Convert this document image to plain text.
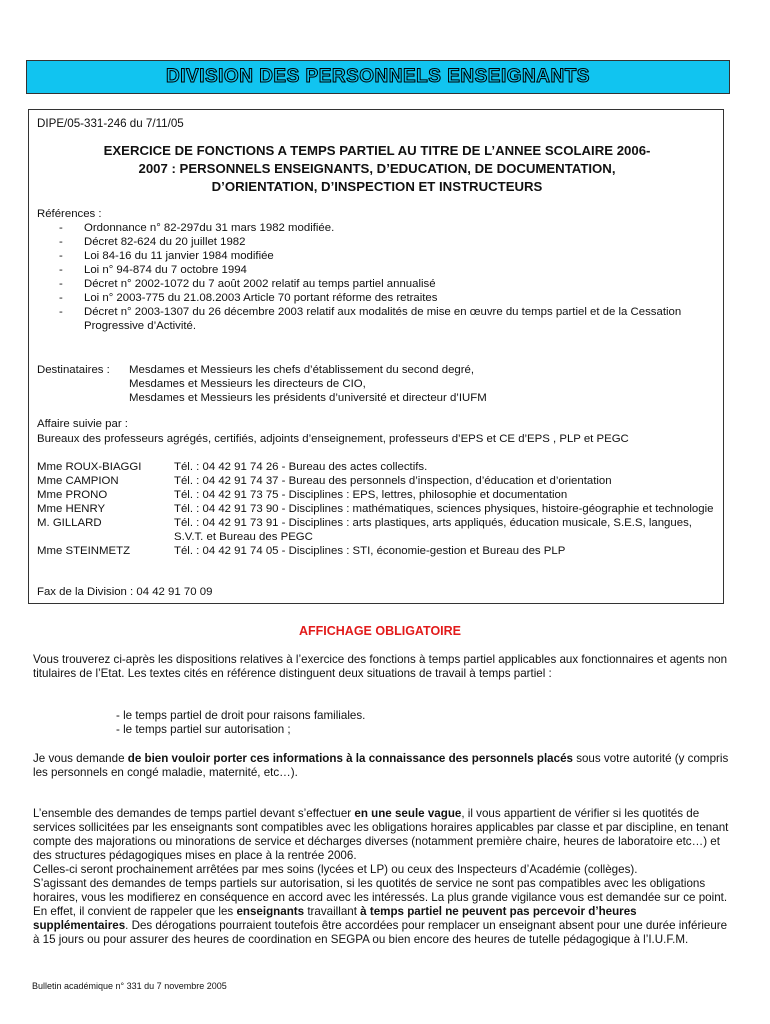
DIVISION DES PERSONNELS ENSEIGNANTS
DIPE/05-331-246 du 7/11/05
EXERCICE DE FONCTIONS A TEMPS PARTIEL AU TITRE DE L’ANNEE SCOLAIRE 2006-
2007 : PERSONNELS ENSEIGNANTS, D’EDUCATION, DE DOCUMENTATION,
D’ORIENTATION, D’INSPECTION ET INSTRUCTEURS
Références :
-	Ordonnance n° 82-297du 31 mars 1982 modifiée.
-	Décret 82-624 du 20 juillet 1982
-	Loi 84-16 du 11 janvier 1984 modifiée
-	Loi n° 94-874 du 7 octobre 1994
-	Décret n° 2002-1072 du 7 août 2002 relatif au temps partiel annualisé
-	Loi n° 2003-775 du 21.08.2003 Article 70 portant réforme des retraites
-	Décret n° 2003-1307 du 26 décembre 2003 relatif aux modalités de mise en œuvre du temps partiel et de la Cessation Progressive d’Activité.
Destinataires : Mesdames et Messieurs les chefs d’établissement du second degré,
Mesdames et Messieurs les directeurs de CIO,
Mesdames et Messieurs les présidents d’université et directeur d’IUFM
Affaire suivie par :
Bureaux des professeurs agrégés, certifiés, adjoints d’enseignement, professeurs d’EPS et CE d’EPS , PLP et PEGC
Mme ROUX-BIAGGI	Tél. : 04 42 91 74 26 - Bureau des actes collectifs.
Mme CAMPION	Tél. : 04 42 91 74 37 - Bureau des personnels d’inspection, d’éducation et d’orientation
Mme PRONO	Tél. : 04 42 91 73 75 - Disciplines : EPS, lettres, philosophie et documentation
Mme HENRY	Tél. : 04 42 91 73 90 - Disciplines : mathématiques, sciences physiques, histoire-géographie et technologie
M. GILLARD	Tél. : 04 42 91 73 91 - Disciplines : arts plastiques, arts appliqués, éducation musicale, S.E.S, langues, S.V.T. et Bureau des PEGC
Mme STEINMETZ	Tél. : 04 42 91 74 05 - Disciplines : STI, économie-gestion et Bureau des PLP
Fax de la Division : 04 42 91 70 09
AFFICHAGE OBLIGATOIRE
Vous trouverez ci-après les dispositions relatives à l’exercice des fonctions à temps partiel applicables aux fonctionnaires et agents non titulaires de l’Etat. Les textes cités en référence distinguent deux situations de travail à temps partiel :
- le temps partiel de droit pour raisons familiales.
- le temps partiel sur autorisation ;
Je vous demande de bien vouloir porter ces informations à la connaissance des personnels placés sous votre autorité (y compris les personnels en congé maladie, maternité, etc…).
L’ensemble des demandes de temps partiel devant s’effectuer en une seule vague, il vous appartient de vérifier si les quotités de services sollicitées par les enseignants sont compatibles avec les obligations horaires applicables par classe et par discipline, en tenant compte des majorations ou minorations de service et décharges diverses (notamment première chaire, heures de laboratoire etc…) et des structures pédagogiques mises en place à la rentrée 2006.
Celles-ci seront prochainement arrêtées par mes soins (lycées et LP) ou ceux des Inspecteurs d’Académie (collèges).
S’agissant des demandes de temps partiels sur autorisation, si les quotités de service ne sont pas compatibles avec les obligations horaires, vous les modifierez en conséquence en accord avec les intéressés. La plus grande vigilance vous est demandée sur ce point. En effet, il convient de rappeler que les enseignants travaillant à temps partiel ne peuvent pas percevoir d’heures supplémentaires. Des dérogations pourraient toutefois être accordées pour remplacer un enseignant absent pour une durée inférieure à 15 jours ou pour assurer des heures de coordination en SEGPA ou bien encore des heures de tutelle pédagogique à l’I.U.F.M.
Bulletin académique n° 331 du 7 novembre 2005
